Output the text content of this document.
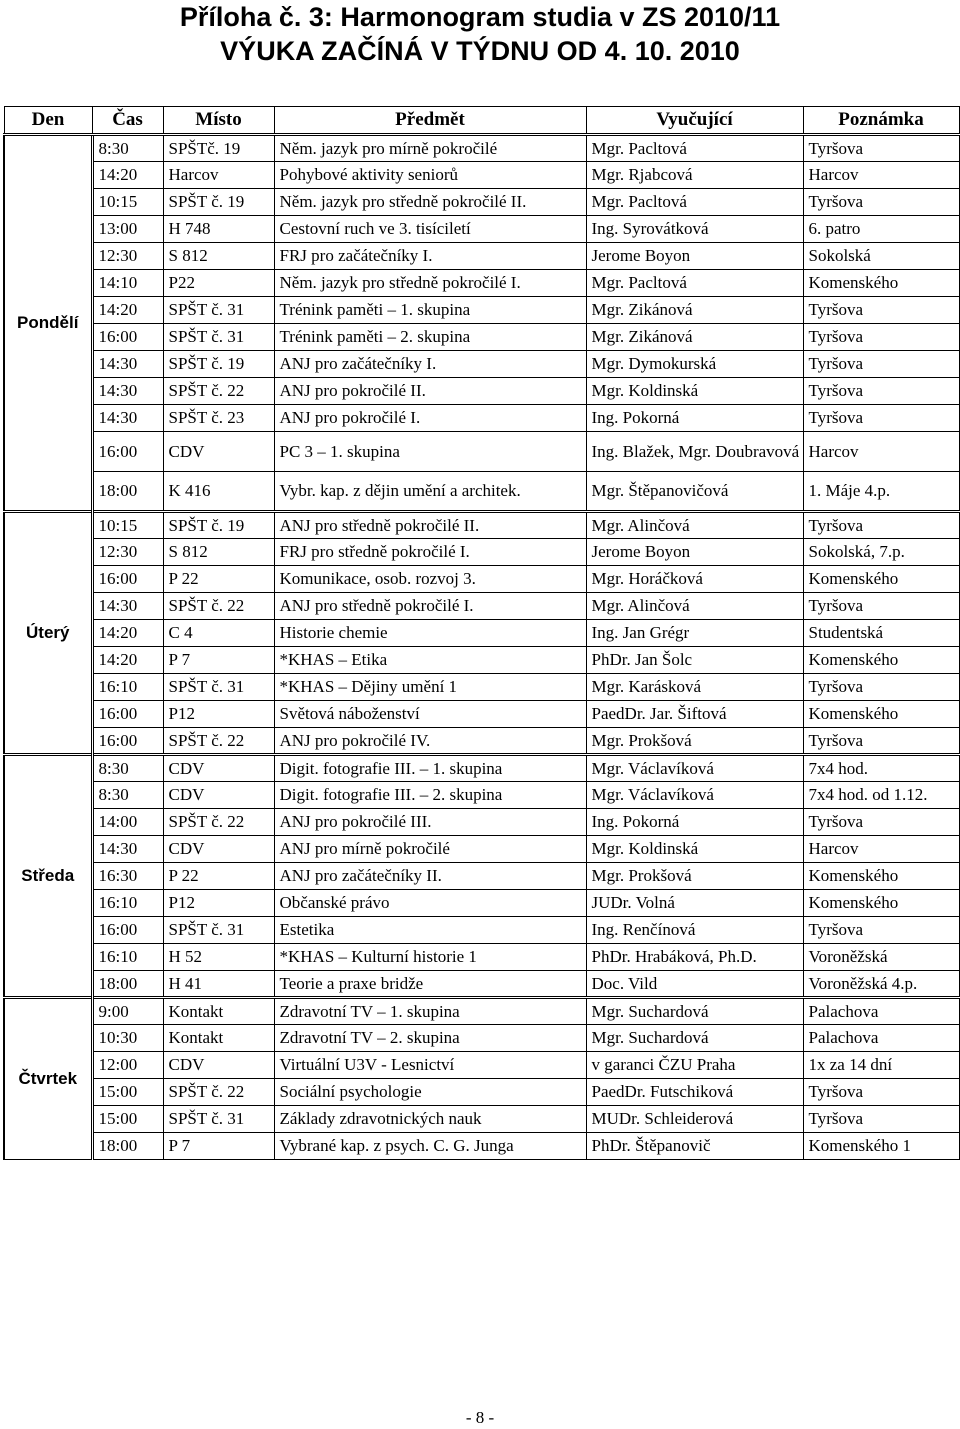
Příloha č. 3: Harmonogram studia v ZS 2010/11
VÝUKA ZAČÍNÁ V TÝDNU OD 4. 10. 2010
Den	Čas	Místo	Předmět	Vyučující	Poznámka
Pondělí	8:30	SPŠTč. 19	Něm. jazyk pro mírně pokročilé	Mgr. Pacltová	Tyršova
	14:20	Harcov	Pohybové aktivity seniorů	Mgr. Rjabcová	Harcov
	10:15	SPŠT č. 19	Něm. jazyk pro středně pokročilé II.	Mgr. Pacltová	Tyršova
	13:00	H 748	Cestovní ruch ve 3. tisíciletí	Ing. Syrovátková	6. patro
	12:30	S 812	FRJ pro začátečníky I.	Jerome Boyon	Sokolská
	14:10	P22	Něm. jazyk pro středně pokročilé I.	Mgr. Pacltová	Komenského
	14:20	SPŠT č. 31	Trénink paměti – 1. skupina	Mgr. Zikánová	Tyršova
	16:00	SPŠT č. 31	Trénink paměti – 2. skupina	Mgr. Zikánová	Tyršova
	14:30	SPŠT č. 19	ANJ pro začátečníky I.	Mgr. Dymokurská	Tyršova
	14:30	SPŠT č. 22	ANJ pro pokročilé II.	Mgr. Koldinská	Tyršova
	14:30	SPŠT č. 23	ANJ pro pokročilé I.	Ing. Pokorná	Tyršova
	16:00	CDV	PC 3 – 1. skupina	Ing. Blažek, Mgr. Doubravová	Harcov
	18:00	K 416	Vybr. kap. z dějin umění a architek.	Mgr. Štěpanovičová	1. Máje 4.p.
Úterý	10:15	SPŠT č. 19	ANJ pro středně pokročilé II.	Mgr. Alinčová	Tyršova
	12:30	S 812	FRJ pro středně pokročilé I.	Jerome Boyon	Sokolská, 7.p.
	16:00	P 22	Komunikace, osob. rozvoj 3.	Mgr. Horáčková	Komenského
	14:30	SPŠT č. 22	ANJ pro středně pokročilé I.	Mgr. Alinčová	Tyršova
	14:20	C 4	Historie chemie	Ing. Jan Grégr	Studentská
	14:20	P 7	*KHAS – Etika	PhDr. Jan Šolc	Komenského
	16:10	SPŠT č. 31	*KHAS – Dějiny umění 1	Mgr. Karásková	Tyršova
	16:00	P12	Světová náboženství	PaedDr. Jar. Šiftová	Komenského
	16:00	SPŠT č. 22	ANJ pro pokročilé IV.	Mgr. Prokšová	Tyršova
Středa	8:30	CDV	Digit. fotografie III. – 1. skupina	Mgr. Václavíková	7x4 hod.
	8:30	CDV	Digit. fotografie III. – 2. skupina	Mgr. Václavíková	7x4 hod. od 1.12.
	14:00	SPŠT č. 22	ANJ pro pokročilé III.	Ing. Pokorná	Tyršova
	14:30	CDV	ANJ pro mírně pokročilé	Mgr. Koldinská	Harcov
	16:30	P 22	ANJ pro začátečníky II.	Mgr. Prokšová	Komenského
	16:10	P12	Občanské právo	JUDr. Volná	Komenského
	16:00	SPŠT č. 31	Estetika	Ing. Renčínová	Tyršova
	16:10	H 52	*KHAS – Kulturní historie 1	PhDr. Hrabáková, Ph.D.	Voroněžská
	18:00	H 41	Teorie a praxe bridže	Doc. Vild	Voroněžská 4.p.
Čtvrtek	9:00	Kontakt	Zdravotní TV – 1. skupina	Mgr. Suchardová	Palachova
	10:30	Kontakt	Zdravotní TV – 2. skupina	Mgr. Suchardová	Palachova
	12:00	CDV	Virtuální U3V - Lesnictví	v garanci ČZU Praha	1x za 14 dní
	15:00	SPŠT č. 22	Sociální psychologie	PaedDr. Futschiková	Tyršova
	15:00	SPŠT č. 31	Základy zdravotnických nauk	MUDr. Schleiderová	Tyršova
	18:00	P 7	Vybrané kap. z psych. C. G. Junga	PhDr. Štěpanovič	Komenského 1
- 8 -
